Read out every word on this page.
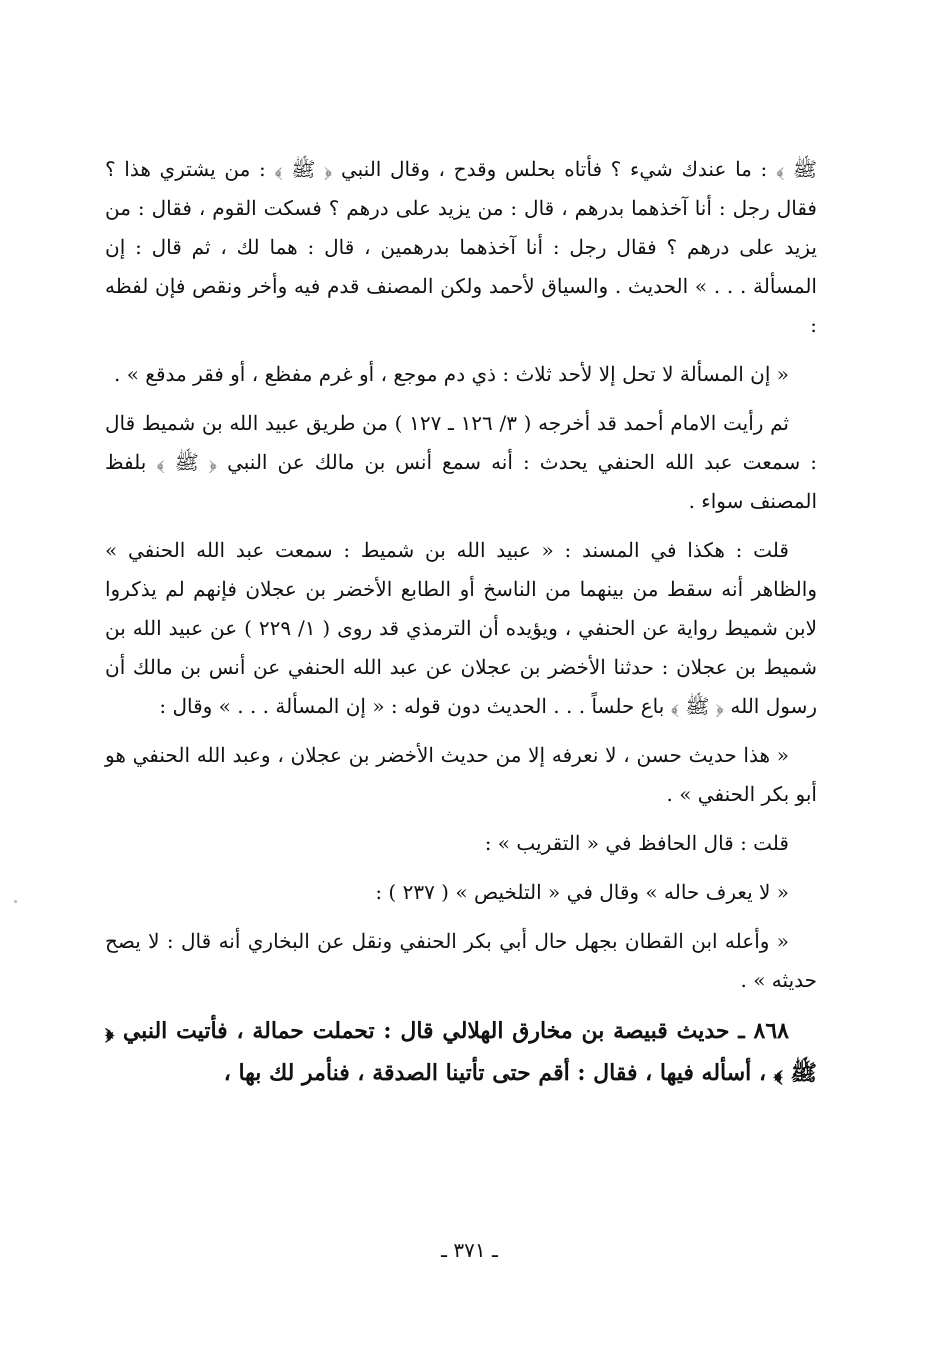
ﷺ ﴾ : ما عندك شيء ؟ فأتاه بحلس وقدح ، وقال النبي ﴿ ﷺ ﴾ : من يشتري هذا ؟ فقال رجل : أنا آخذهما بدرهم ، قال : من يزيد على درهم ؟ فسكت القوم ، فقال : من يزيد على درهم ؟ فقال رجل : أنا آخذهما بدرهمين ، قال : هما لك ، ثم قال : إن المسألة . . . » الحديث . والسياق لأحمد ولكن المصنف قدم فيه وأخر ونقص فإن لفظه :

« إن المسألة لا تحل إلا لأحد ثلاث : ذي دم موجع ، أو غرم مفظع ، أو فقر مدقع » .

ثم رأيت الامام أحمد قد أخرجه ( ٣/ ١٢٦ ـ ١٢٧ ) من طريق عبيد الله بن شميط قال : سمعت عبد الله الحنفي يحدث : أنه سمع أنس بن مالك عن النبي ﴿ ﷺ ﴾ بلفظ المصنف سواء .

قلت : هكذا في المسند : « عبيد الله بن شميط : سمعت عبد الله الحنفي » والظاهر أنه سقط من بينهما من الناسخ أو الطابع الأخضر بن عجلان فإنهم لم يذكروا لابن شميط رواية عن الحنفي ، ويؤيده أن الترمذي قد روى ( ١/ ٢٢٩ ) عن عبيد الله بن شميط بن عجلان : حدثنا الأخضر بن عجلان عن عبد الله الحنفي عن أنس بن مالك أن رسول الله ﴿ ﷺ ﴾ باع حلساً . . . الحديث دون قوله : « إن المسألة . . . » وقال :

« هذا حديث حسن ، لا نعرفه إلا من حديث الأخضر بن عجلان ، وعبد الله الحنفي هو أبو بكر الحنفي » .

قلت : قال الحافظ في « التقريب » :

« لا يعرف حاله » وقال في « التلخيص » ( ٢٣٧ ) :

« وأعله ابن القطان بجهل حال أبي بكر الحنفي ونقل عن البخاري أنه قال : لا يصح حديثه » .

٨٦٨ ـ حديث قبيصة بن مخارق الهلالي قال : تحملت حمالة ، فأتيت النبي ﴿ ﷺ ﴾ ، أسأله فيها ، فقال : أقم حتى تأتينا الصدقة ، فنأمر لك بها ،

ـ ٣٧١ ـ
